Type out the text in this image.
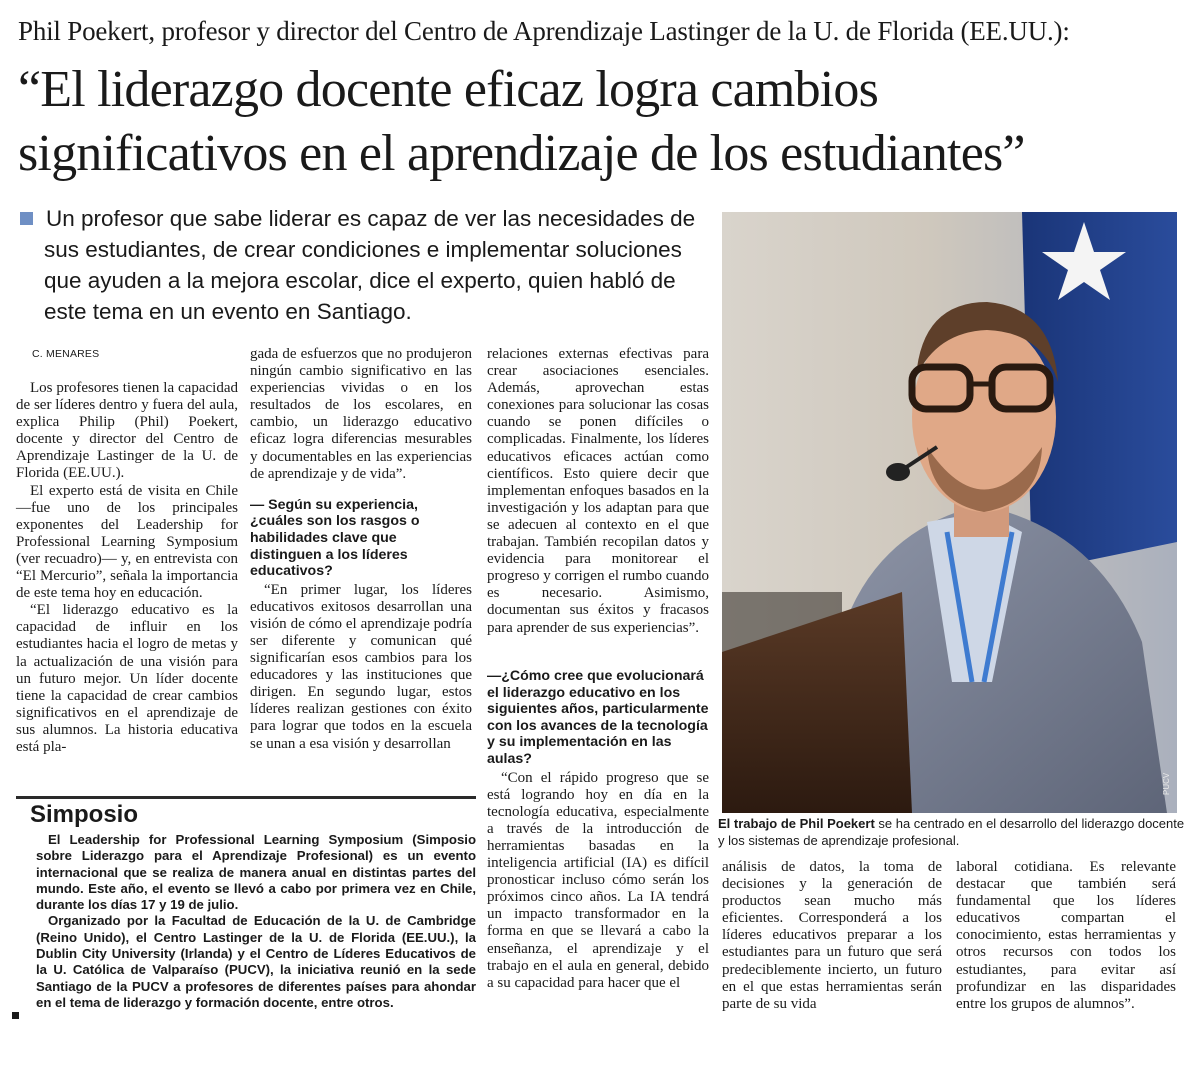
Phil Poekert, profesor y director del Centro de Aprendizaje Lastinger de la U. de Florida (EE.UU.):
“El liderazgo docente eficaz logra cambios
significativos en el aprendizaje de los estudiantes”

Un profesor que sabe liderar es capaz de ver las necesidades de
sus estudiantes, de crear condiciones e implementar soluciones
que ayuden a la mejora escolar, dice el experto, quien habló de
este tema en un evento en Santiago.

C. MENARES

Los profesores tienen la capacidad de ser líderes dentro y fuera del aula, explica Philip (Phil) Poekert, docente y director del Centro de Aprendizaje Lastinger de la U. de Florida (EE.UU.).

El experto está de visita en Chile —fue uno de los principales exponentes del Leadership for Professional Learning Symposium (ver recuadro)— y, en entrevista con “El Mercurio”, señala la importancia de este tema hoy en educación.

“El liderazgo educativo es la capacidad de influir en los estudiantes hacia el logro de metas y la actualización de una visión para un futuro mejor. Un líder docente tiene la capacidad de crear cambios significativos en el aprendizaje de sus alumnos. La historia educativa está pla-

gada de esfuerzos que no produjeron ningún cambio significativo en las experiencias vividas o en los resultados de los escolares, en cambio, un liderazgo educativo eficaz logra diferencias mesurables y documentables en las experiencias de aprendizaje y de vida”.

— Según su experiencia, ¿cuáles son los rasgos o habilidades clave que distinguen a los líderes educativos?

“En primer lugar, los líderes educativos exitosos desarrollan una visión de cómo el aprendizaje podría ser diferente y comunican qué significarían esos cambios para los educadores y las instituciones que dirigen. En segundo lugar, estos líderes realizan gestiones con éxito para lograr que todos en la escuela se unan a esa visión y desarrollan

relaciones externas efectivas para crear asociaciones esenciales. Además, aprovechan estas conexiones para solucionar las cosas cuando se ponen difíciles o complicadas. Finalmente, los líderes educativos eficaces actúan como científicos. Esto quiere decir que implementan enfoques basados en la investigación y los adaptan para que se adecuen al contexto en el que trabajan. También recopilan datos y evidencia para monitorear el progreso y corrigen el rumbo cuando es necesario. Asimismo, documentan sus éxitos y fracasos para aprender de sus experiencias”.

—¿Cómo cree que evolucionará el liderazgo educativo en los siguientes años, particularmente con los avances de la tecnología y su implementación en las aulas?

“Con el rápido progreso que se está logrando hoy en día en la tecnología educativa, especialmente a través de la introducción de herramientas basadas en la inteligencia artificial (IA) es difícil pronosticar incluso cómo serán los próximos cinco años. La IA tendrá un impacto transformador en la forma en que se llevará a cabo la enseñanza, el aprendizaje y el trabajo en el aula en general, debido a su capacidad para hacer que el

análisis de datos, la toma de decisiones y la generación de productos sean mucho más eficientes. Corresponderá a los líderes educativos preparar a los estudiantes para un futuro que será predeciblemente incierto, un futuro en el que estas herramientas serán parte de su vida

laboral cotidiana. Es relevante destacar que también será fundamental que los líderes educativos compartan el conocimiento, estas herramientas y otros recursos con todos los estudiantes, para evitar así profundizar en las disparidades entre los grupos de alumnos”.

Simposio

El Leadership for Professional Learning Symposium (Simposio sobre Liderazgo para el Aprendizaje Profesional) es un evento internacional que se realiza de manera anual en distintas partes del mundo. Este año, el evento se llevó a cabo por primera vez en Chile, durante los días 17 y 19 de julio.

Organizado por la Facultad de Educación de la U. de Cambridge (Reino Unido), el Centro Lastinger de la U. de Florida (EE.UU.), la Dublin City University (Irlanda) y el Centro de Líderes Educativos de la U. Católica de Valparaíso (PUCV), la iniciativa reunió en la sede Santiago de la PUCV a profesores de diferentes países para ahondar en el tema de liderazgo y formación docente, entre otros.

PUCV
El trabajo de Phil Poekert se ha centrado en el desarrollo del liderazgo docente y los sistemas de aprendizaje profesional.
